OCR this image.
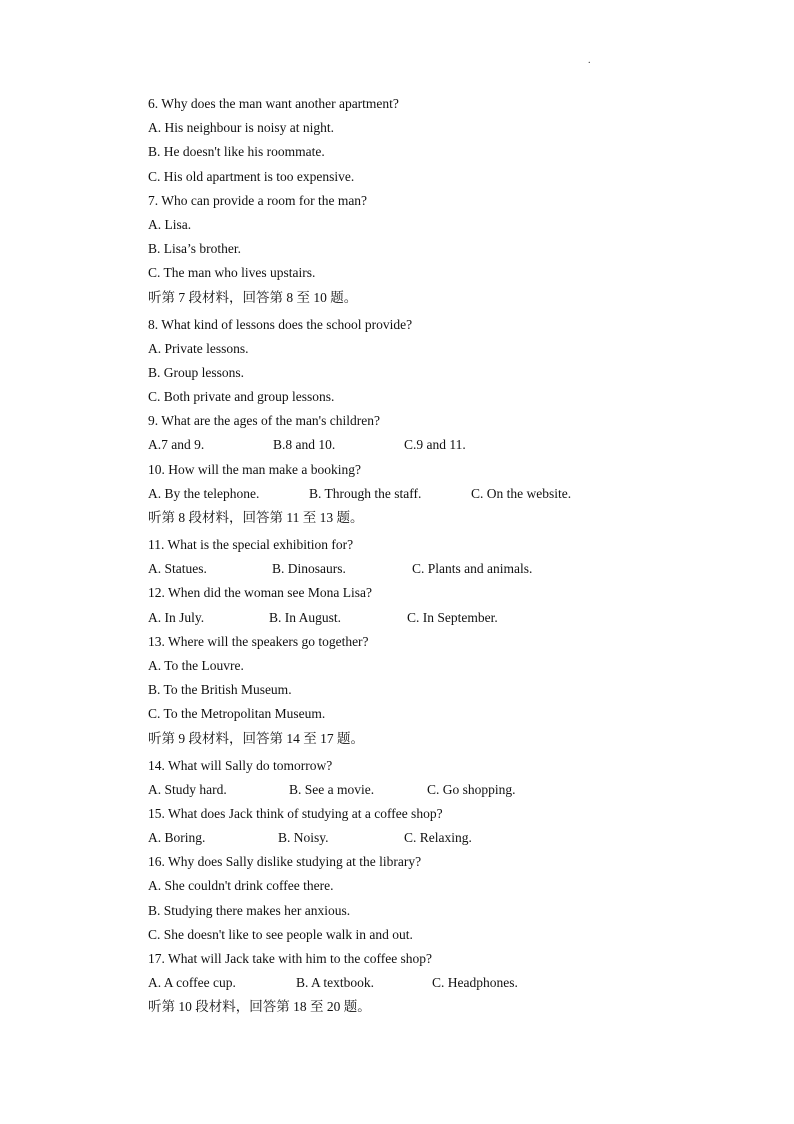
.
6. Why does the man want another apartment?
A. His neighbour is noisy at night.
B. He doesn't like his roommate.
C. His old apartment is too expensive.
7. Who can provide a room for the man?
A. Lisa.
B. Lisa’s brother.
C. The man who lives upstairs.
听第 7 段材料，回答第 8 至 10 题。
8. What kind of lessons does the school provide?
A. Private lessons.
B. Group lessons.
C. Both private and group lessons.
9. What are the ages of the man's children?
A.7 and 9.	B.8 and 10.	C.9 and 11.
10. How will the man make a booking?
A. By the telephone.	B. Through the staff.	C. On the website.
听第 8 段材料，回答第 11 至 13 题。
11. What is the special exhibition for?
A. Statues.	B. Dinosaurs.	C. Plants and animals.
12. When did the woman see Mona Lisa?
A. In July.	B. In August.	C. In September.
13. Where will the speakers go together?
A. To the Louvre.
B. To the British Museum.
C. To the Metropolitan Museum.
听第 9 段材料，回答第 14 至 17 题。
14. What will Sally do tomorrow?
A. Study hard.	B. See a movie.	C. Go shopping.
15. What does Jack think of studying at a coffee shop?
A. Boring.	B. Noisy.	C. Relaxing.
16. Why does Sally dislike studying at the library?
A. She couldn't drink coffee there.
B. Studying there makes her anxious.
C. She doesn't like to see people walk in and out.
17. What will Jack take with him to the coffee shop?
A. A coffee cup.	B. A textbook.	C. Headphones.
听第 10 段材料，回答第 18 至 20 题。
